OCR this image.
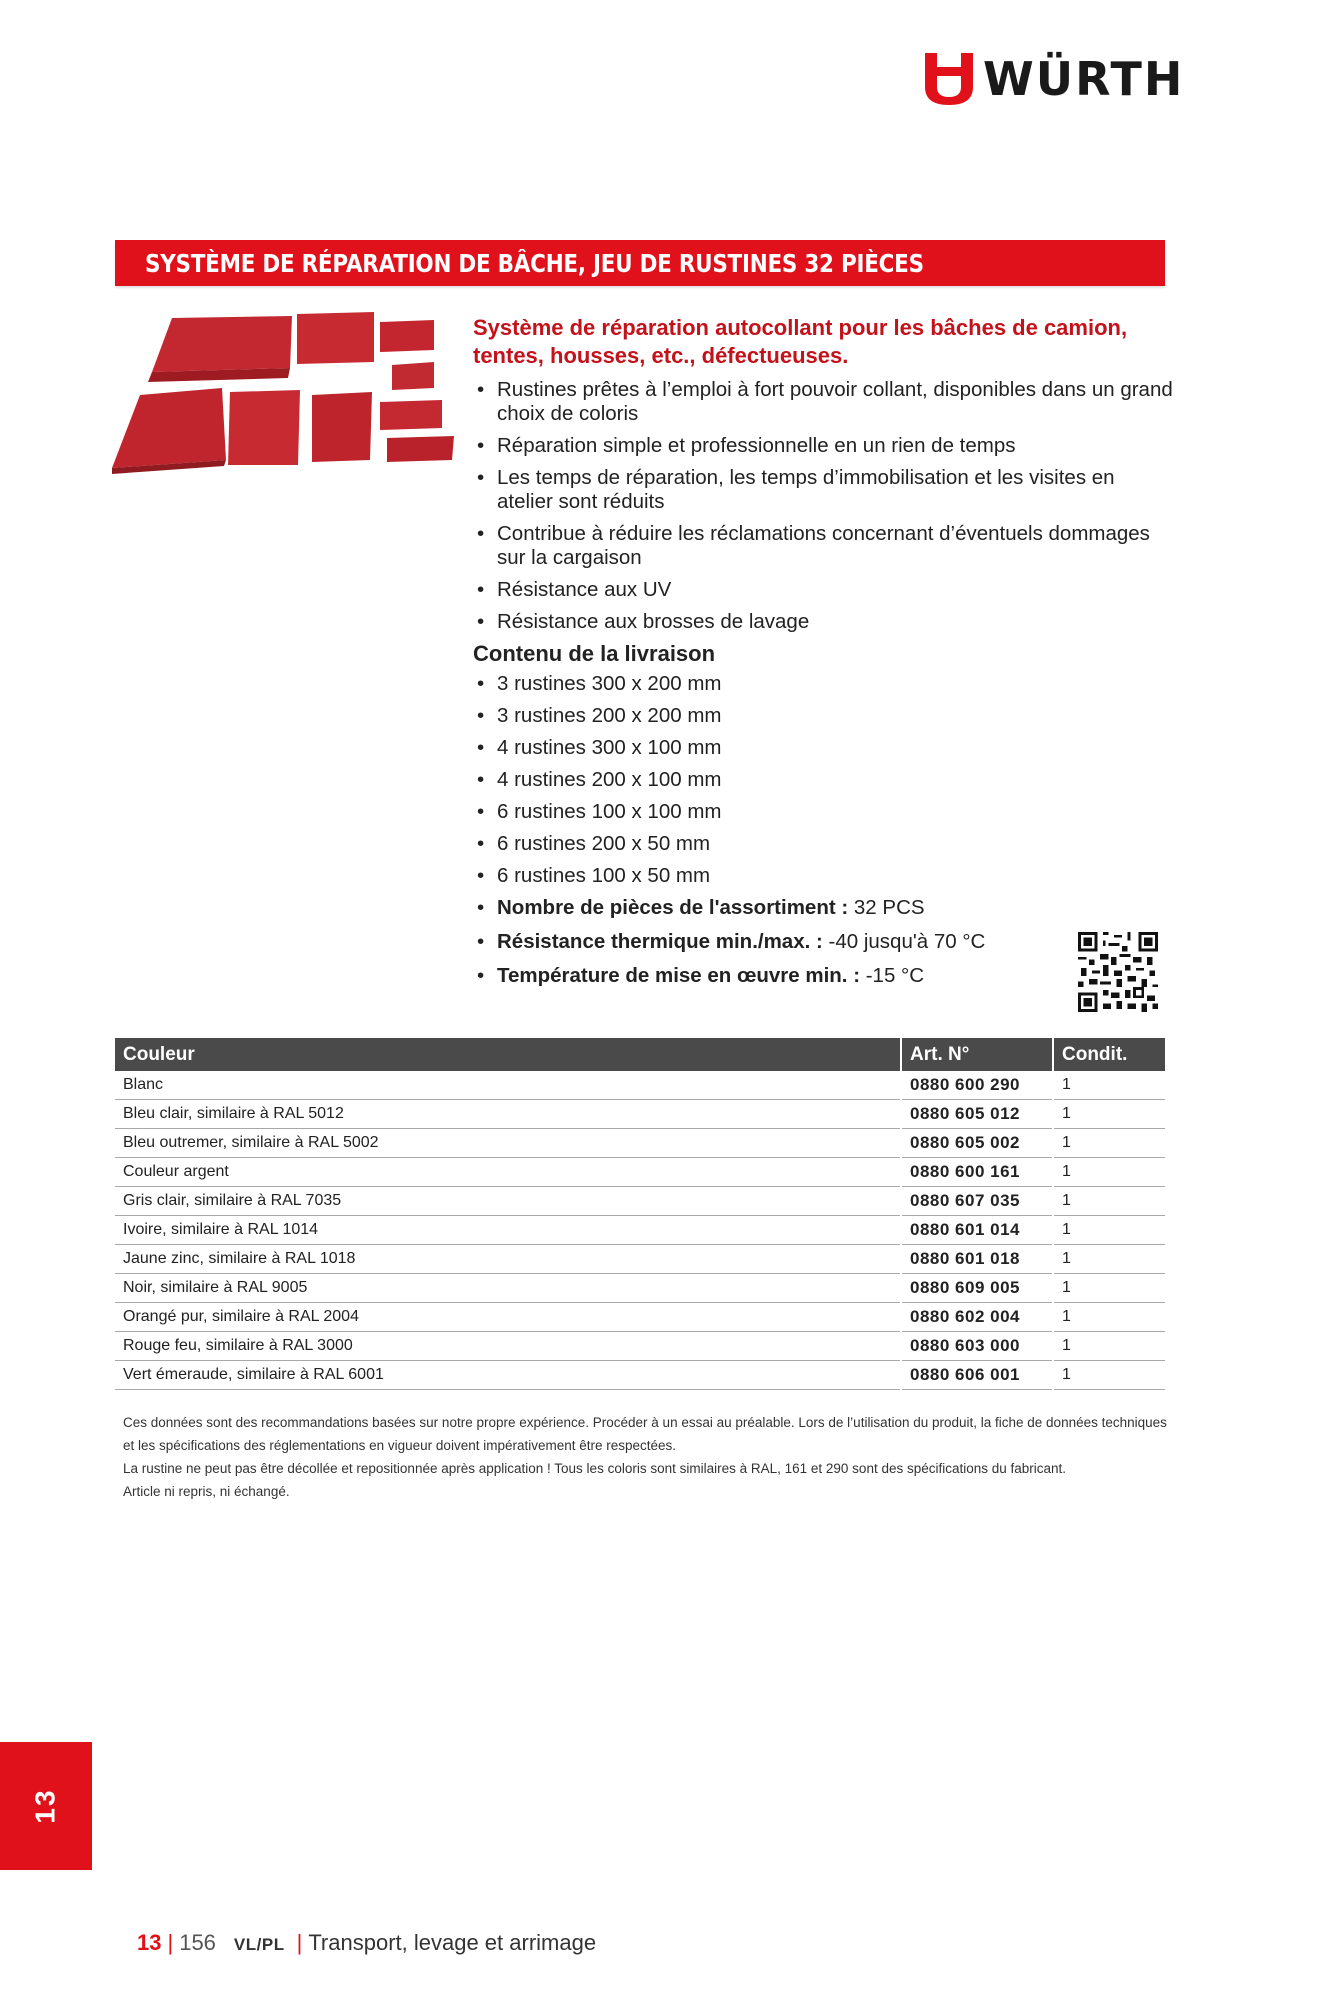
WÜRTH
SYSTÈME DE RÉPARATION DE BÂCHE, JEU DE RUSTINES 32 PIÈCES

Système de réparation autocollant pour les bâches de camion, tentes, housses, etc., défectueuses.

• Rustines prêtes à l’emploi à fort pouvoir collant, disponibles dans un grand choix de coloris
• Réparation simple et professionnelle en un rien de temps
• Les temps de réparation, les temps d’immobilisation et les visites en atelier sont réduits
• Contribue à réduire les réclamations concernant d’éventuels dommages sur la cargaison
• Résistance aux UV
• Résistance aux brosses de lavage
Contenu de la livraison
• 3 rustines 300 x 200 mm
• 3 rustines 200 x 200 mm
• 4 rustines 300 x 100 mm
• 4 rustines 200 x 100 mm
• 6 rustines 100 x 100 mm
• 6 rustines 200 x 50 mm
• 6 rustines 100 x 50 mm
• Nombre de pièces de l'assortiment : 32 PCS
• Résistance thermique min./max. : -40 jusqu'à 70 °C
• Température de mise en œuvre min. : -15 °C
Couleur	Art. N°	Condit.
Blanc	0880 600 290	1
Bleu clair, similaire à RAL 5012	0880 605 012	1
Bleu outremer, similaire à RAL 5002	0880 605 002	1
Couleur argent	0880 600 161	1
Gris clair, similaire à RAL 7035	0880 607 035	1
Ivoire, similaire à RAL 1014	0880 601 014	1
Jaune zinc, similaire à RAL 1018	0880 601 018	1
Noir, similaire à RAL 9005	0880 609 005	1
Orangé pur, similaire à RAL 2004	0880 602 004	1
Rouge feu, similaire à RAL 3000	0880 603 000	1
Vert émeraude, similaire à RAL 6001	0880 606 001	1

Ces données sont des recommandations basées sur notre propre expérience. Procéder à un essai au préalable. Lors de l’utilisation du produit, la fiche de données techniques et les spécifications des réglementations en vigueur doivent impérativement être respectées.

La rustine ne peut pas être décollée et repositionnée après application ! Tous les coloris sont similaires à RAL, 161 et 290 sont des spécifications du fabricant.

Article ni repris, ni échangé.

13
13 | 156 VL/PL | Transport, levage et arrimage
